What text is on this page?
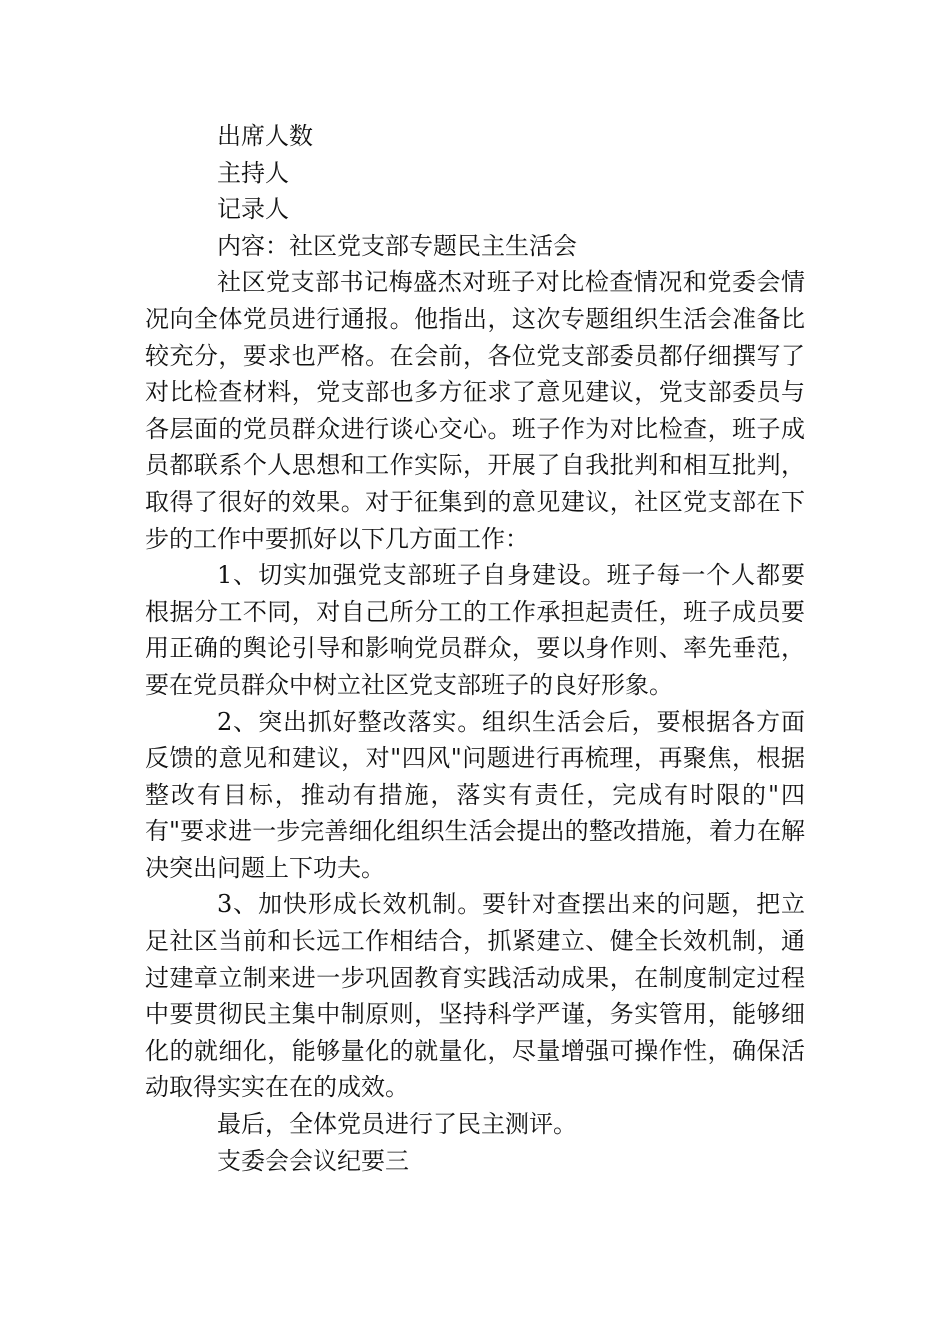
出席人数

主持人

记录人

内容：社区党支部专题民主生活会

社区党支部书记梅盛杰对班子对比检查情况和党委会情况向全体党员进行通报。他指出，这次专题组织生活会准备比较充分，要求也严格。在会前，各位党支部委员都仔细撰写了对比检查材料，党支部也多方征求了意见建议，党支部委员与各层面的党员群众进行谈心交心。班子作为对比检查，班子成员都联系个人思想和工作实际，开展了自我批判和相互批判，取得了很好的效果。对于征集到的意见建议，社区党支部在下步的工作中要抓好以下几方面工作：

1、切实加强党支部班子自身建设。班子每一个人都要根据分工不同，对自己所分工的工作承担起责任，班子成员要用正确的舆论引导和影响党员群众，要以身作则、率先垂范，要在党员群众中树立社区党支部班子的良好形象。

2、突出抓好整改落实。组织生活会后，要根据各方面反馈的意见和建议，对"四风"问题进行再梳理，再聚焦，根据整改有目标，推动有措施，落实有责任，完成有时限的"四有"要求进一步完善细化组织生活会提出的整改措施，着力在解决突出问题上下功夫。

3、加快形成长效机制。要针对查摆出来的问题，把立足社区当前和长远工作相结合，抓紧建立、健全长效机制，通过建章立制来进一步巩固教育实践活动成果，在制度制定过程中要贯彻民主集中制原则，坚持科学严谨，务实管用，能够细化的就细化，能够量化的就量化，尽量增强可操作性，确保活动取得实实在在的成效。

最后，全体党员进行了民主测评。

支委会会议纪要三
